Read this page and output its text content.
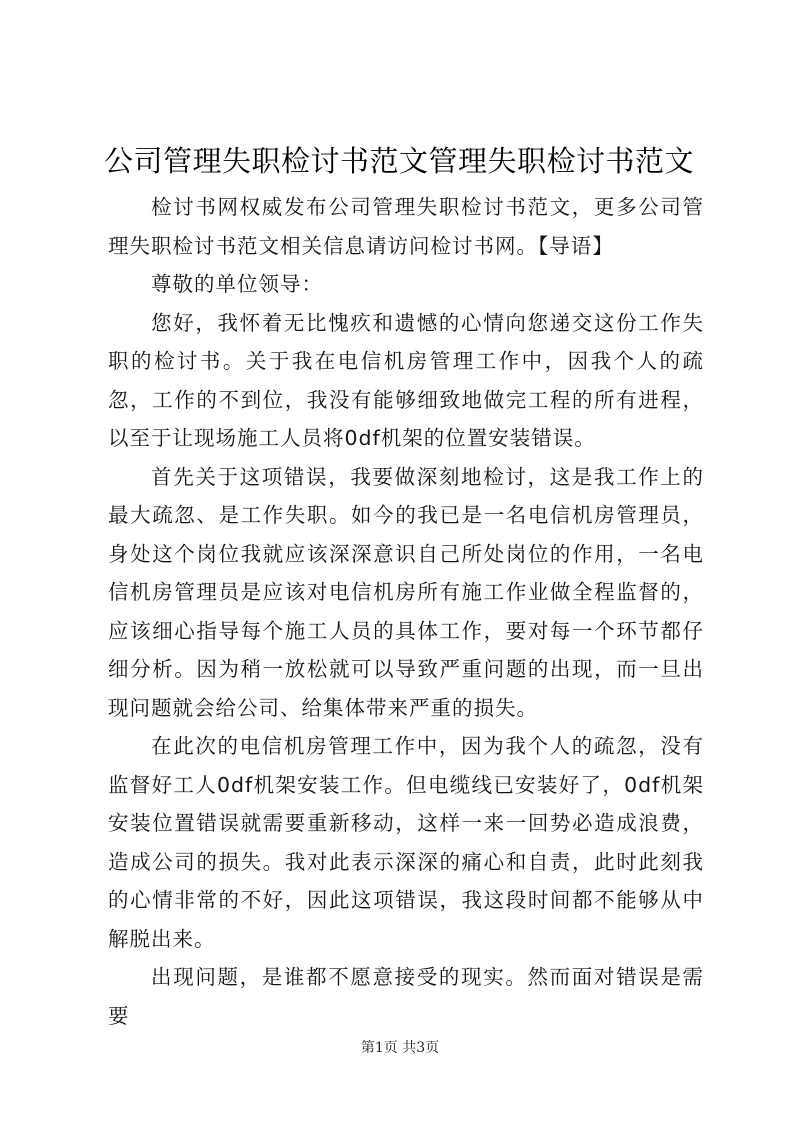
公司管理失职检讨书范文管理失职检讨书范文

检讨书网权威发布公司管理失职检讨书范文，更多公司管理失职检讨书范文相关信息请访问检讨书网。【导语】

尊敬的单位领导：

您好，我怀着无比愧疚和遗憾的心情向您递交这份工作失职的检讨书。关于我在电信机房管理工作中，因我个人的疏忽，工作的不到位，我没有能够细致地做完工程的所有进程，以至于让现场施工人员将0df机架的位置安装错误。

首先关于这项错误，我要做深刻地检讨，这是我工作上的最大疏忽、是工作失职。如今的我已是一名电信机房管理员，身处这个岗位我就应该深深意识自己所处岗位的作用，一名电信机房管理员是应该对电信机房所有施工作业做全程监督的，应该细心指导每个施工人员的具体工作，要对每一个环节都仔细分析。因为稍一放松就可以导致严重问题的出现，而一旦出现问题就会给公司、给集体带来严重的损失。

在此次的电信机房管理工作中，因为我个人的疏忽，没有监督好工人0df机架安装工作。但电缆线已安装好了，0df机架安装位置错误就需要重新移动，这样一来一回势必造成浪费，造成公司的损失。我对此表示深深的痛心和自责，此时此刻我的心情非常的不好，因此这项错误，我这段时间都不能够从中解脱出来。

出现问题，是谁都不愿意接受的现实。然而面对错误是需要

第1页 共3页
